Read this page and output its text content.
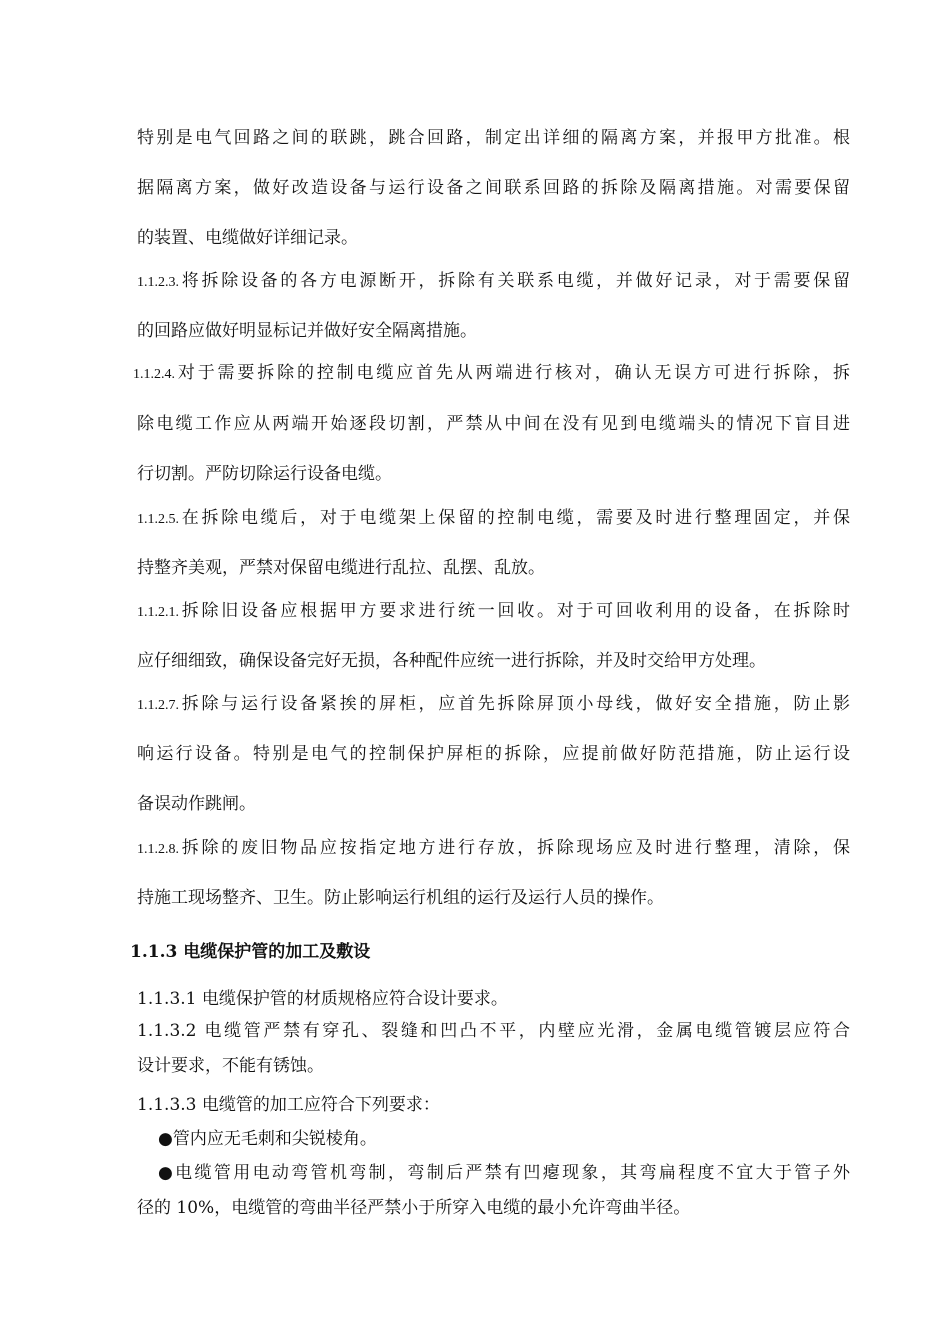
特别是电气回路之间的联跳，跳合回路，制定出详细的隔离方案，并报甲方批准。根
据隔离方案，做好改造设备与运行设备之间联系回路的拆除及隔离措施。对需要保留
的装置、电缆做好详细记录。
1.1.2.3.将拆除设备的各方电源断开，拆除有关联系电缆，并做好记录，对于需要保留
的回路应做好明显标记并做好安全隔离措施。
1.1.2.4.对于需要拆除的控制电缆应首先从两端进行核对，确认无误方可进行拆除，拆
除电缆工作应从两端开始逐段切割，严禁从中间在没有见到电缆端头的情况下盲目进
行切割。严防切除运行设备电缆。
1.1.2.5.在拆除电缆后，对于电缆架上保留的控制电缆，需要及时进行整理固定，并保
持整齐美观，严禁对保留电缆进行乱拉、乱摆、乱放。
1.1.2.1.拆除旧设备应根据甲方要求进行统一回收。对于可回收利用的设备，在拆除时
应仔细细致，确保设备完好无损，各种配件应统一进行拆除，并及时交给甲方处理。
1.1.2.7.拆除与运行设备紧挨的屏柜，应首先拆除屏顶小母线，做好安全措施，防止影
响运行设备。特别是电气的控制保护屏柜的拆除，应提前做好防范措施，防止运行设
备误动作跳闸。
1.1.2.8.拆除的废旧物品应按指定地方进行存放，拆除现场应及时进行整理，清除，保
持施工现场整齐、卫生。防止影响运行机组的运行及运行人员的操作。
1.1.3 电缆保护管的加工及敷设
1.1.3.1 电缆保护管的材质规格应符合设计要求。
1.1.3.2 电缆管严禁有穿孔、裂缝和凹凸不平，内壁应光滑，金属电缆管镀层应符合
设计要求，不能有锈蚀。
1.1.3.3 电缆管的加工应符合下列要求：
●管内应无毛刺和尖锐棱角。
●电缆管用电动弯管机弯制，弯制后严禁有凹瘪现象，其弯扁程度不宜大于管子外
径的 10%，电缆管的弯曲半径严禁小于所穿入电缆的最小允许弯曲半径。
